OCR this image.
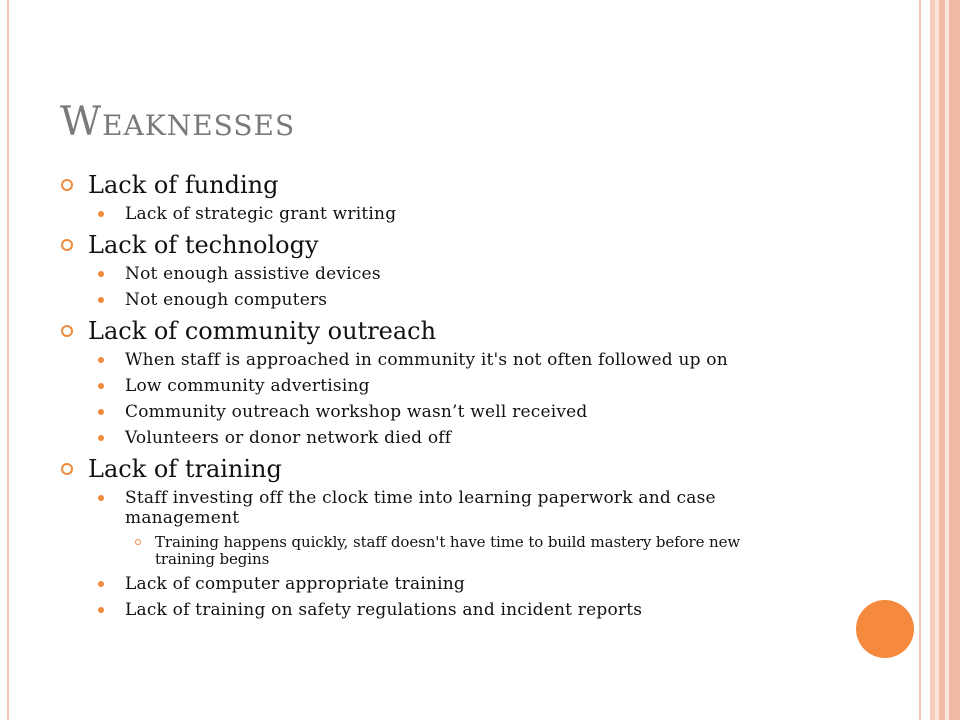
WEAKNESSES
Lack of funding
Lack of strategic grant writing
Lack of technology
Not enough assistive devices
Not enough computers
Lack of community outreach
When staff is approached in community it's not often followed up on
Low community advertising
Community outreach workshop wasn’t well received
Volunteers or donor network died off
Lack of training
Staff investing off the clock time into learning paperwork and case management
Training happens quickly, staff doesn't have time to build mastery before new training begins
Lack of computer appropriate training
Lack of training on safety regulations and incident reports
